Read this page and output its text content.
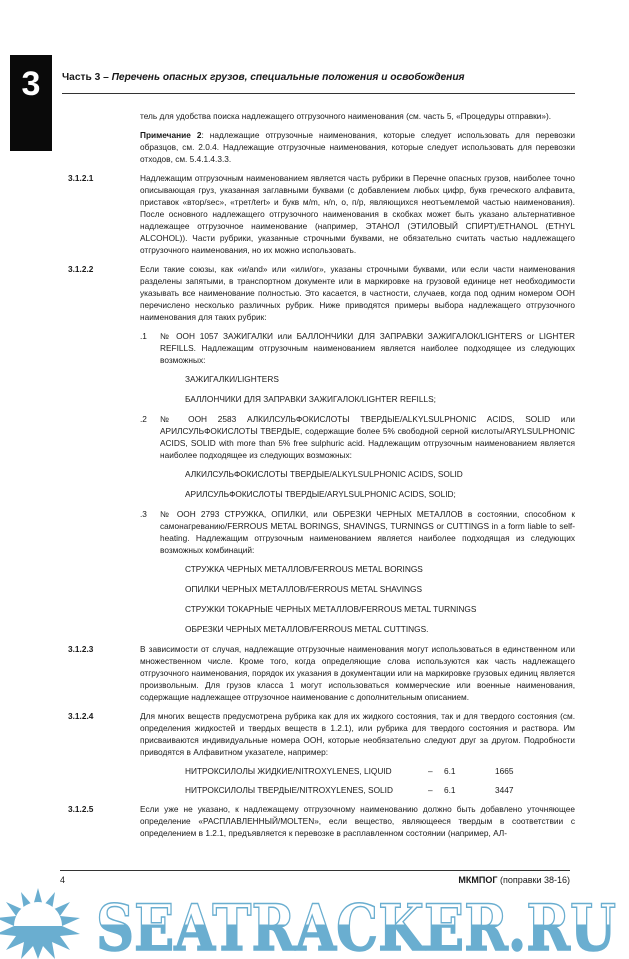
3	Часть 3 – Перечень опасных грузов, специальные положения и освобождения
тель для удобства поиска надлежащего отгрузочного наименования (см. часть 5, «Процедуры отправки»).
Примечание 2: надлежащие отгрузочные наименования, которые следует использовать для перевозки образцов, см. 2.0.4. Надлежащие отгрузочные наименования, которые следует использовать для перевозки отходов, см. 5.4.1.4.3.3.
3.1.2.1	Надлежащим отгрузочным наименованием является часть рубрики в Перечне опасных грузов, наиболее точно описывающая груз, указанная заглавными буквами (с добавлением любых цифр, букв греческого алфавита, приставок «втор/sec», «трет/tert» и букв м/m, н/n, о, п/p, являющихся неотъемлемой частью наименования). После основного надлежащего отгрузочного наименования в скобках может быть указано альтернативное надлежащее отгрузочное наименование (например, ЭТАНОЛ (ЭТИЛОВЫЙ СПИРТ)/ETHANOL (ETHYL ALCOHOL)). Части рубрики, указанные строчными буквами, не обязательно считать частью надлежащего отгрузочного наименования, но их можно использовать.
3.1.2.2	Если такие союзы, как «и/and» или «или/or», указаны строчными буквами, или если части наименования разделены запятыми, в транспортном документе или в маркировке на грузовой единице нет необходимости указывать все наименование полностью. Это касается, в частности, случаев, когда под одним номером ООН перечислено несколько различных рубрик. Ниже приводятся примеры выбора надлежащего отгрузочного наименования для таких рубрик:
.1	№ ООН 1057 ЗАЖИГАЛКИ или БАЛЛОНЧИКИ ДЛЯ ЗАПРАВКИ ЗАЖИГАЛОК/LIGHTERS or LIGHTER REFILLS. Надлежащим отгрузочным наименованием является наиболее подходящее из следующих возможных:
ЗАЖИГАЛКИ/LIGHTERS
БАЛЛОНЧИКИ ДЛЯ ЗАПРАВКИ ЗАЖИГАЛОК/LIGHTER REFILLS;
.2	№ ООН 2583 АЛКИЛСУЛЬФОКИСЛОТЫ ТВЕРДЫЕ/ALKYLSULPHONIC ACIDS, SOLID или АРИЛСУЛЬФОКИСЛОТЫ ТВЕРДЫЕ, содержащие более 5% свободной серной кислоты/ARYLSULPHONIC ACIDS, SOLID with more than 5% free sulphuric acid. Надлежащим отгрузочным наименованием является наиболее подходящее из следующих возможных:
АЛКИЛСУЛЬФОКИСЛОТЫ ТВЕРДЫЕ/ALKYLSULPHONIC ACIDS, SOLID
АРИЛСУЛЬФОКИСЛОТЫ ТВЕРДЫЕ/ARYLSULPHONIC ACIDS, SOLID;
.3	№ ООН 2793 СТРУЖКА, ОПИЛКИ, или ОБРЕЗКИ ЧЕРНЫХ МЕТАЛЛОВ в состоянии, способном к самонагреванию/FERROUS METAL BORINGS, SHAVINGS, TURNINGS or CUTTINGS in a form liable to self-heating. Надлежащим отгрузочным наименованием является наиболее подходящая из следующих возможных комбинаций:
СТРУЖКА ЧЕРНЫХ МЕТАЛЛОВ/FERROUS METAL BORINGS
ОПИЛКИ ЧЕРНЫХ МЕТАЛЛОВ/FERROUS METAL SHAVINGS
СТРУЖКИ ТОКАРНЫЕ ЧЕРНЫХ МЕТАЛЛОВ/FERROUS METAL TURNINGS
ОБРЕЗКИ ЧЕРНЫХ МЕТАЛЛОВ/FERROUS METAL CUTTINGS.
3.1.2.3	В зависимости от случая, надлежащие отгрузочные наименования могут использоваться в единственном или множественном числе. Кроме того, когда определяющие слова используются как часть надлежащего отгрузочного наименования, порядок их указания в документации или на маркировке грузовых единиц является произвольным. Для грузов класса 1 могут использоваться коммерческие или военные наименования, содержащие надлежащее отгрузочное наименование с дополнительным описанием.
3.1.2.4	Для многих веществ предусмотрена рубрика как для их жидкого состояния, так и для твердого состояния (см. определения жидкостей и твердых веществ в 1.2.1), или рубрика для твердого состояния и раствора. Им присваиваются индивидуальные номера ООН, которые необязательно следуют друг за другом. Подробности приводятся в Алфавитном указателе, например:
НИТРОКСИЛОЛЫ ЖИДКИЕ/NITROXYLENES, LIQUID	–	6.1	1665
НИТРОКСИЛОЛЫ ТВЕРДЫЕ/NITROXYLENES, SOLID	–	6.1	3447
3.1.2.5	Если уже не указано, к надлежащему отгрузочному наименованию должно быть добавлено уточняющее определение «РАСПЛАВЛЕННЫЙ/MOLTEN», если вещество, являющееся твердым в соответствии с определением в 1.2.1, предъявляется к перевозке в расплавленном состоянии (например, АЛ-
4	МКМПОГ (поправки 38-16)
SEATRACKER.RU
